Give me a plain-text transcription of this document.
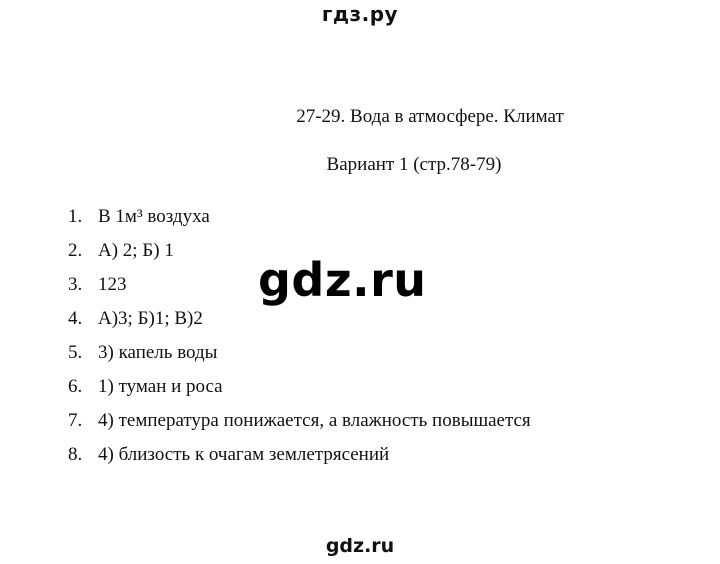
гдз.ру
27-29. Вода в атмосфере. Климат
Вариант 1 (стр.78-79)
1. В 1м³ воздуха
2. А) 2; Б) 1
3. 123
4. А)3; Б)1; В)2
5. 3) капель воды
6. 1) туман и роса
7. 4) температура понижается, а влажность повышается
8. 4) близость к очагам землетрясений
gdz.ru
gdz.ru
